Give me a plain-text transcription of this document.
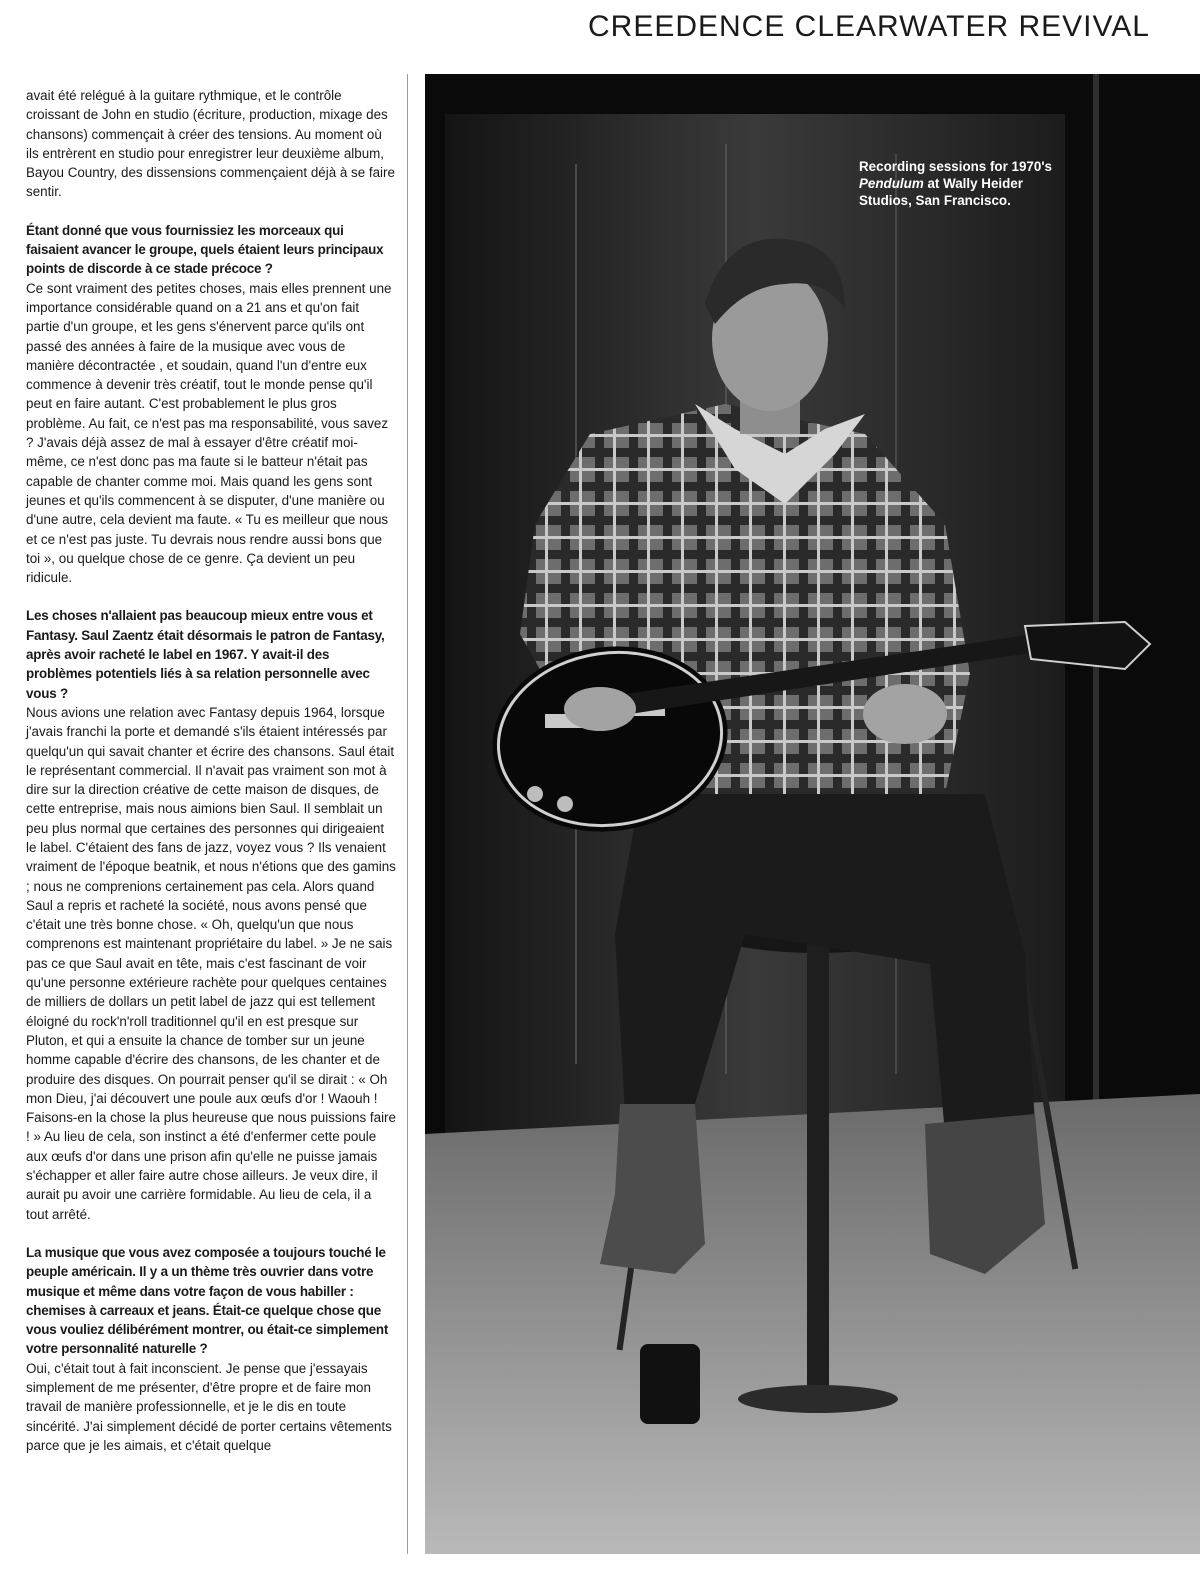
CREEDENCE CLEARWATER REVIVAL

avait été relégué à la guitare rythmique, et le contrôle croissant de John en studio (écriture, production, mixage des chansons) commençait à créer des tensions. Au moment où ils entrèrent en studio pour enregistrer leur deuxième album, Bayou Country, des dissensions commençaient déjà à se faire sentir.

Étant donné que vous fournissiez les morceaux qui faisaient avancer le groupe, quels étaient leurs principaux points de discorde à ce stade précoce ?
Ce sont vraiment des petites choses, mais elles prennent une importance considérable quand on a 21 ans et qu'on fait partie d'un groupe, et les gens s'énervent parce qu'ils ont passé des années à faire de la musique avec vous de manière décontractée , et soudain, quand l'un d'entre eux commence à devenir très créatif, tout le monde pense qu'il peut en faire autant. C'est probablement le plus gros problème. Au fait, ce n'est pas ma responsabilité, vous savez ? J'avais déjà assez de mal à essayer d'être créatif moi-même, ce n'est donc pas ma faute si le batteur n'était pas capable de chanter comme moi. Mais quand les gens sont jeunes et qu'ils commencent à se disputer, d'une manière ou d'une autre, cela devient ma faute. « Tu es meilleur que nous et ce n'est pas juste. Tu devrais nous rendre aussi bons que toi », ou quelque chose de ce genre. Ça devient un peu ridicule.

Les choses n'allaient pas beaucoup mieux entre vous et Fantasy. Saul Zaentz était désormais le patron de Fantasy, après avoir racheté le label en 1967. Y avait-il des problèmes potentiels liés à sa relation personnelle avec vous ?
Nous avions une relation avec Fantasy depuis 1964, lorsque j'avais franchi la porte et demandé s'ils étaient intéressés par quelqu'un qui savait chanter et écrire des chansons. Saul était le représentant commercial. Il n'avait pas vraiment son mot à dire sur la direction créative de cette maison de disques, de cette entreprise, mais nous aimions bien Saul. Il semblait un peu plus normal que certaines des personnes qui dirigeaient le label. C'étaient des fans de jazz, voyez vous ? Ils venaient vraiment de l'époque beatnik, et nous n'étions que des gamins ; nous ne comprenions certainement pas cela. Alors quand Saul a repris et racheté la société, nous avons pensé que c'était une très bonne chose. « Oh, quelqu'un que nous comprenons est maintenant propriétaire du label. » Je ne sais pas ce que Saul avait en tête, mais c'est fascinant de voir qu'une personne extérieure rachète pour quelques centaines de milliers de dollars un petit label de jazz qui est tellement éloigné du rock'n'roll traditionnel qu'il en est presque sur Pluton, et qui a ensuite la chance de tomber sur un jeune homme capable d'écrire des chansons, de les chanter et de produire des disques. On pourrait penser qu'il se dirait : « Oh mon Dieu, j'ai découvert une poule aux œufs d'or ! Waouh ! Faisons-en la chose la plus heureuse que nous puissions faire ! » Au lieu de cela, son instinct a été d'enfermer cette poule aux œufs d'or dans une prison afin qu'elle ne puisse jamais s'échapper et aller faire autre chose ailleurs. Je veux dire, il aurait pu avoir une carrière formidable. Au lieu de cela, il a tout arrêté.

La musique que vous avez composée a toujours touché le peuple américain. Il y a un thème très ouvrier dans votre musique et même dans votre façon de vous habiller : chemises à carreaux et jeans. Était-ce quelque chose que vous vouliez délibérément montrer, ou était-ce simplement votre personnalité naturelle ?
Oui, c'était tout à fait inconscient. Je pense que j'essayais simplement de me présenter, d'être propre et de faire mon travail de manière professionnelle, et je le dis en toute sincérité. J'ai simplement décidé de porter certains vêtements parce que je les aimais, et c'était quelque

Recording sessions for 1970's Pendulum at Wally Heider Studios, San Francisco.
